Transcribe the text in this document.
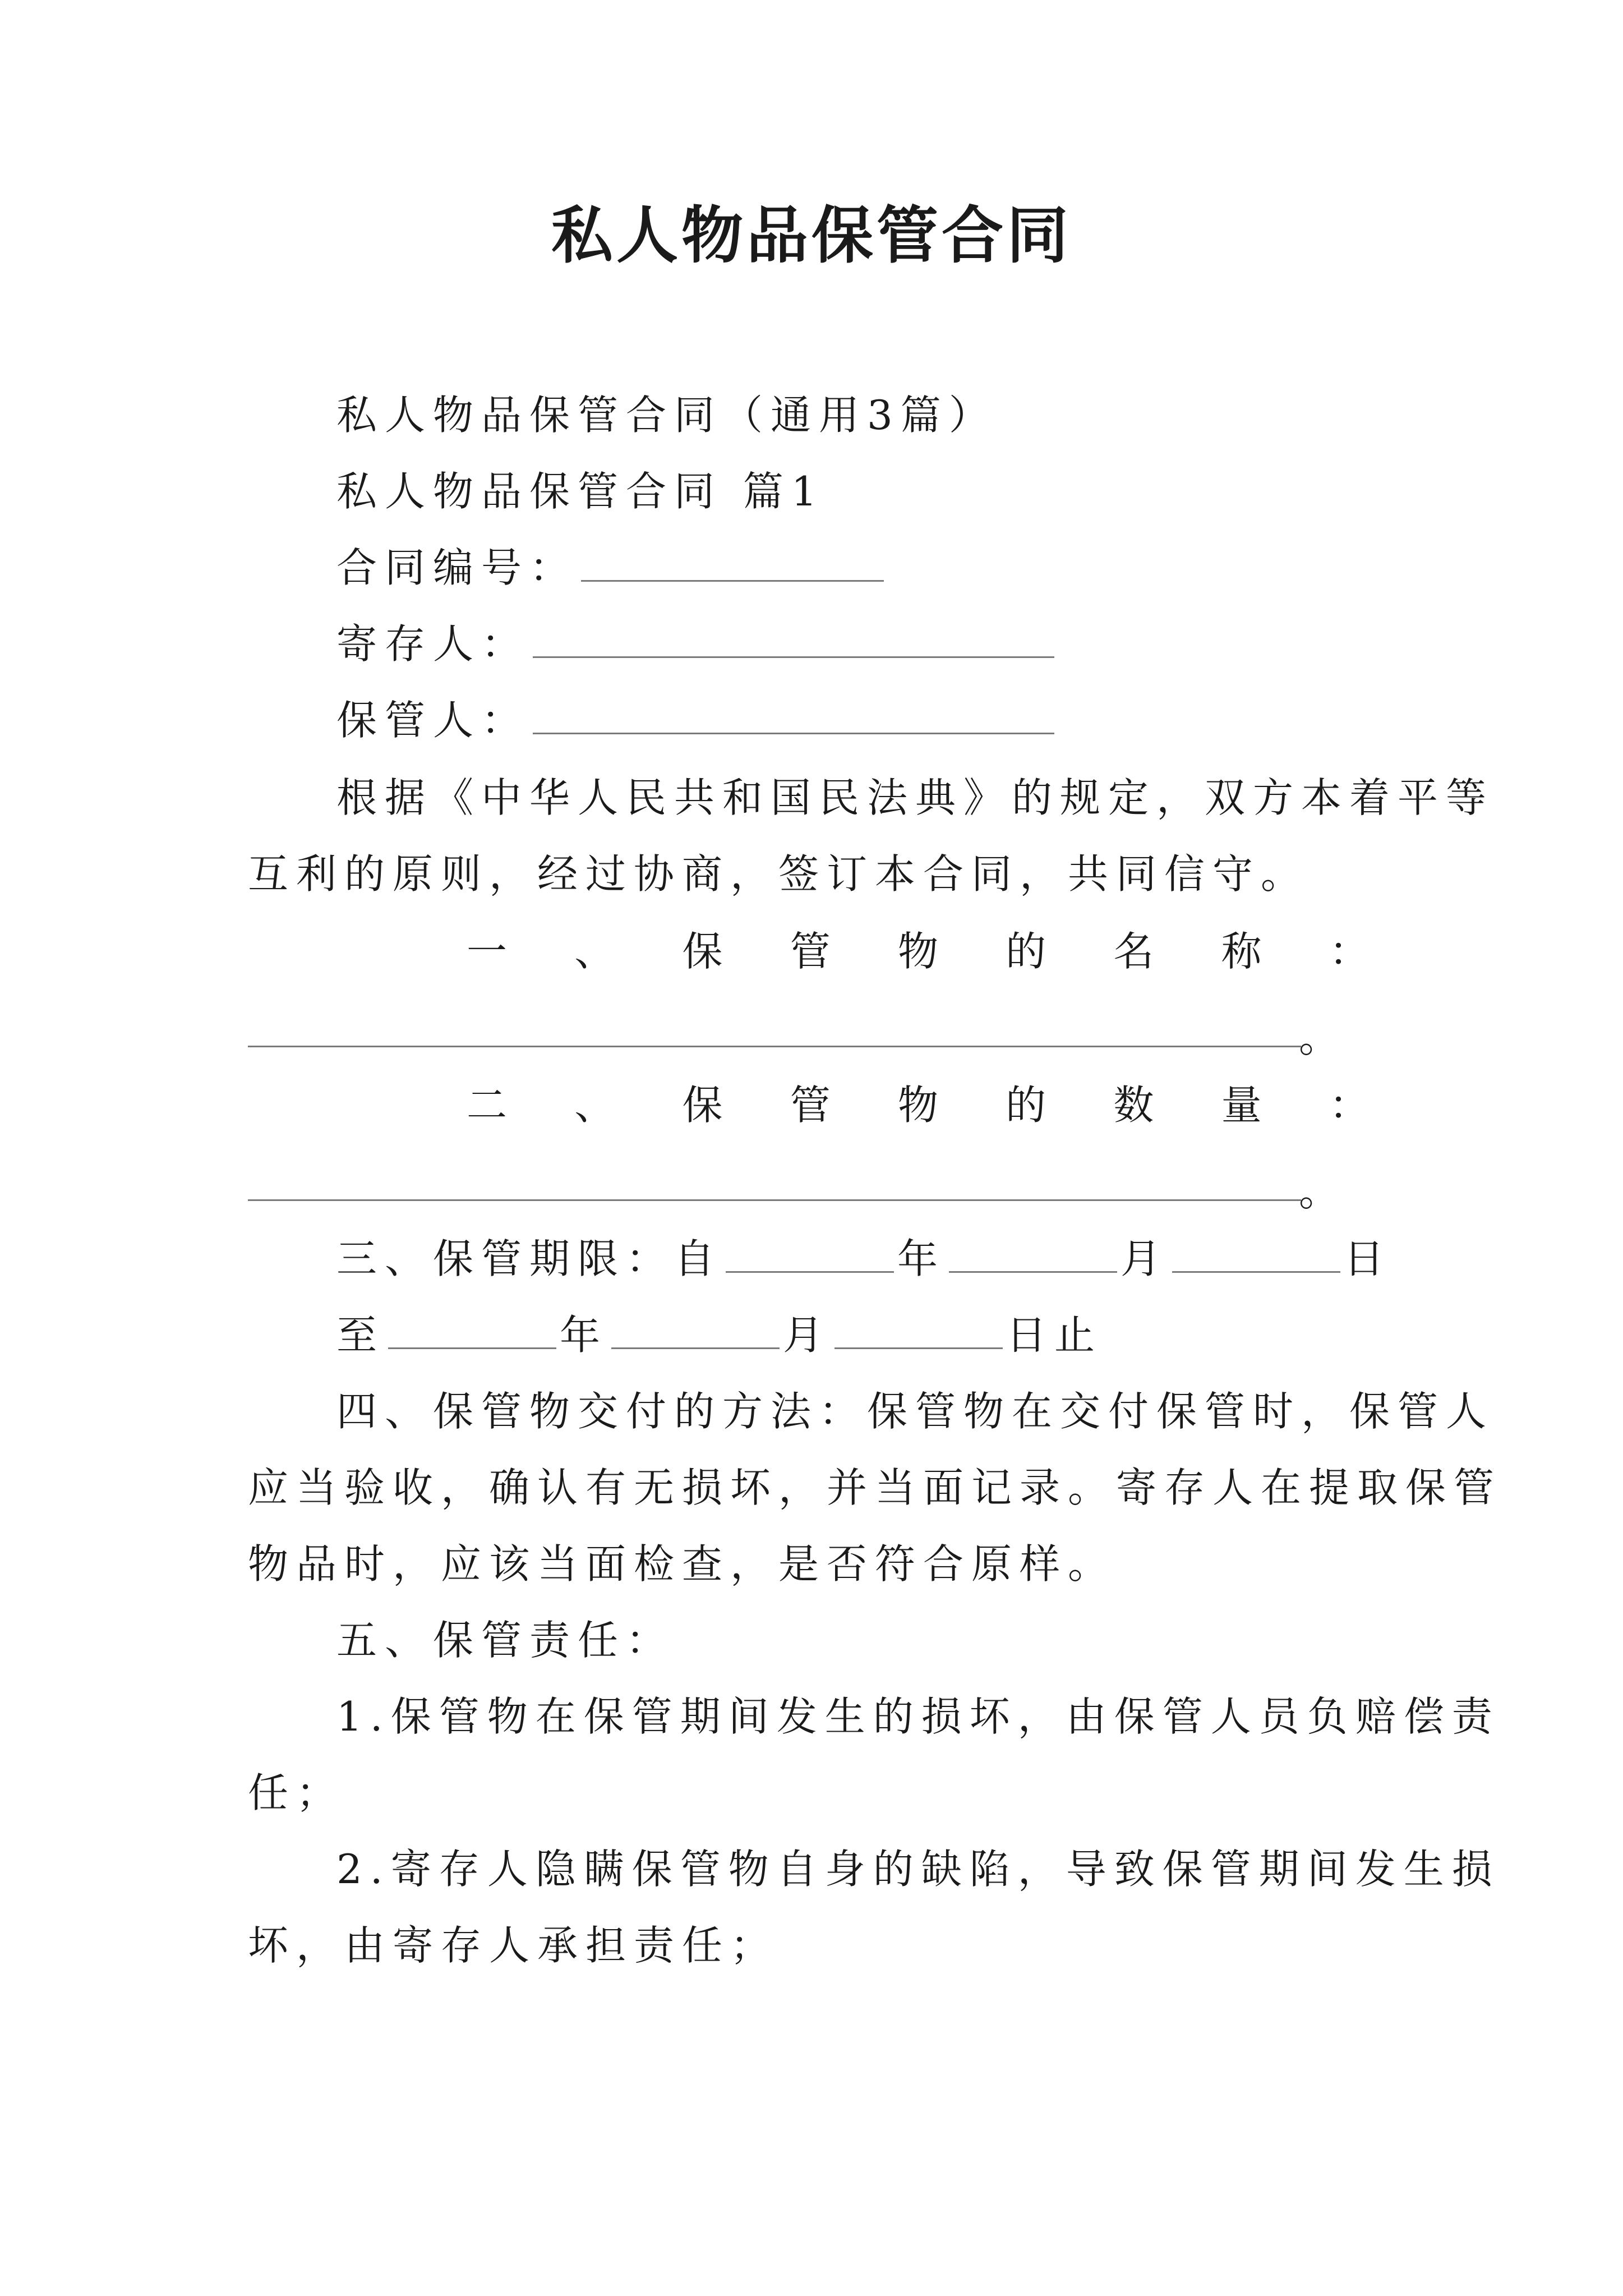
私人物品保管合同
私人物品保管合同（通用3篇）
私人物品保管合同 篇1
合同编号：
寄存人：
保管人：
根据《中华人民共和国民法典》的规定，双方本着平等
互利的原则，经过协商，签订本合同，共同信守。
一 、 保 管 物 的 名 称 ：
。
二 、 保 管 物 的 数 量 ：
。
三、保管期限：自	年	月	日
至	年	月	日止
四、保管物交付的方法：保管物在交付保管时，保管人
应当验收，确认有无损坏，并当面记录。寄存人在提取保管
物品时，应该当面检查，是否符合原样。
五、保管责任：
1.保管物在保管期间发生的损坏，由保管人员负赔偿责
任；
2.寄存人隐瞒保管物自身的缺陷，导致保管期间发生损
坏，由寄存人承担责任；
